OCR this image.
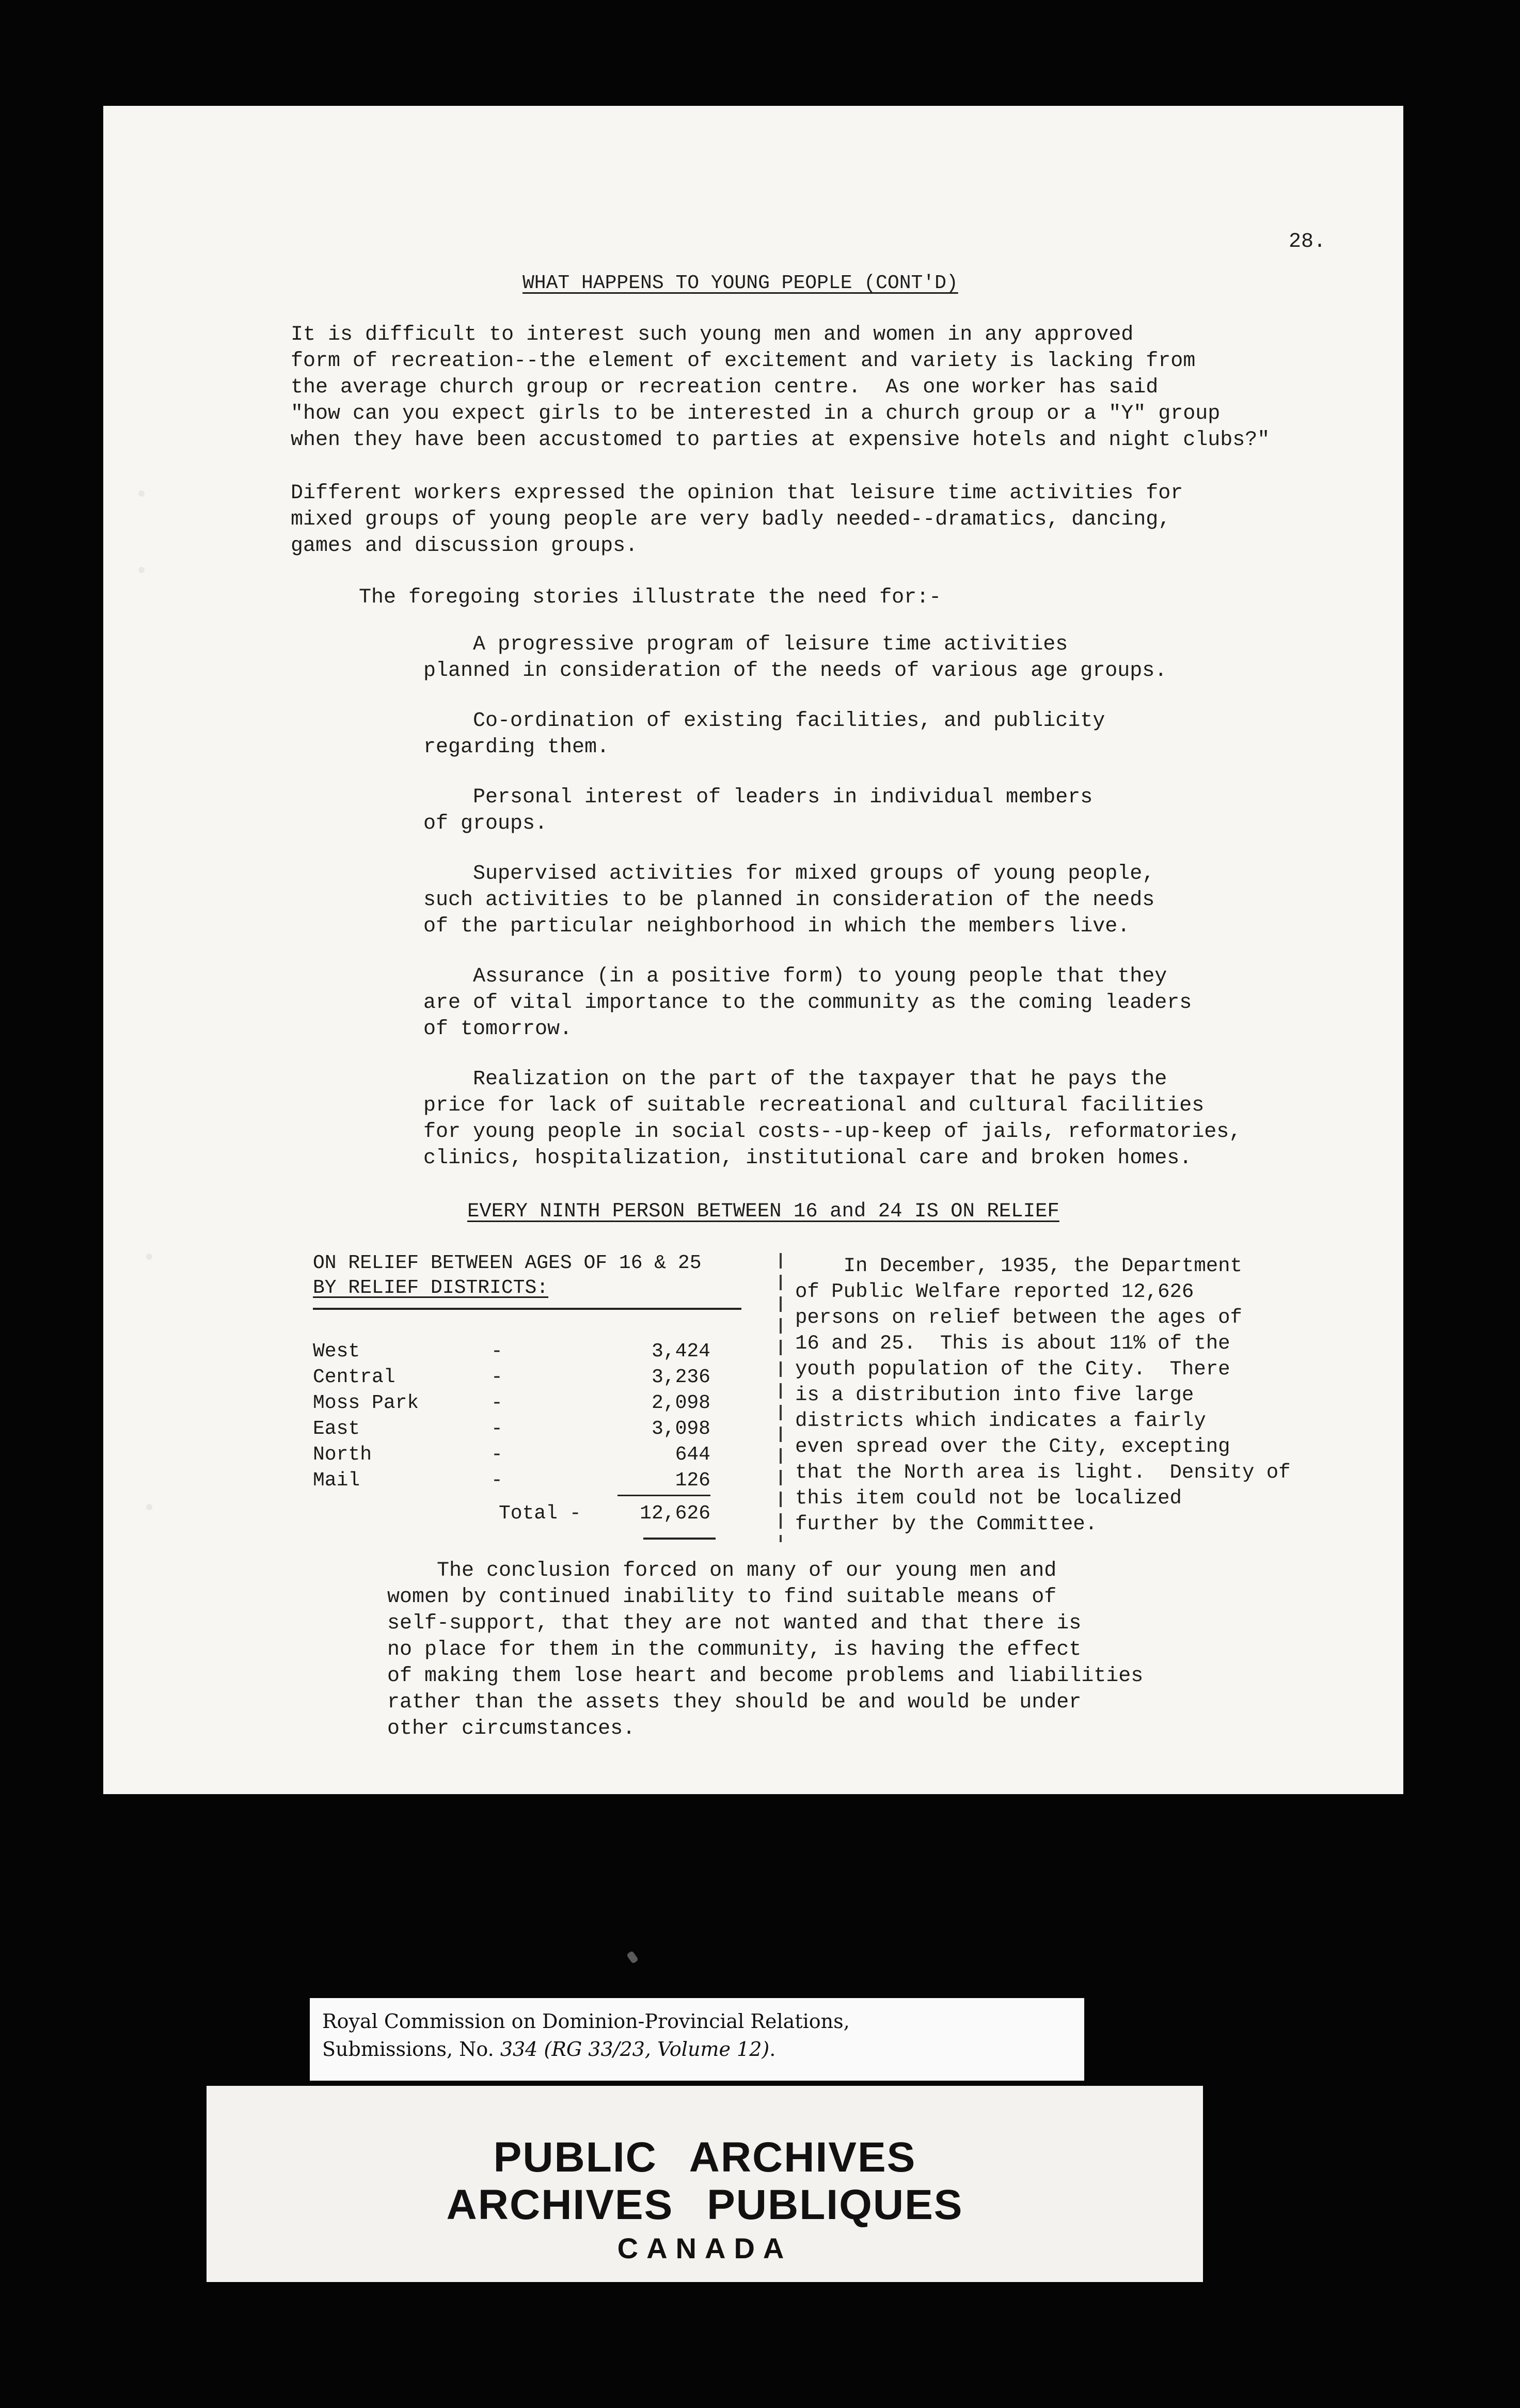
28.
WHAT HAPPENS TO YOUNG PEOPLE (CONT'D)
It is difficult to interest such young men and women in any approved
form of recreation--the element of excitement and variety is lacking from
the average church group or recreation centre.  As one worker has said
"how can you expect girls to be interested in a church group or a "Y" group
when they have been accustomed to parties at expensive hotels and night clubs?"
Different workers expressed the opinion that leisure time activities for
mixed groups of young people are very badly needed--dramatics, dancing,
games and discussion groups.
The foregoing stories illustrate the need for:-
A progressive program of leisure time activities
planned in consideration of the needs of various age groups.
Co-ordination of existing facilities, and publicity
regarding them.
Personal interest of leaders in individual members
of groups.
Supervised activities for mixed groups of young people,
such activities to be planned in consideration of the needs
of the particular neighborhood in which the members live.
Assurance (in a positive form) to young people that they
are of vital importance to the community as the coming leaders
of tomorrow.
Realization on the part of the taxpayer that he pays the
price for lack of suitable recreational and cultural facilities
for young people in social costs--up-keep of jails, reformatories,
clinics, hospitalization, institutional care and broken homes.
EVERY NINTH PERSON BETWEEN 16 and 24 IS ON RELIEF
ON RELIEF BETWEEN AGES OF 16 & 25
BY RELIEF DISTRICTS:
West	-	3,424
Central	-	3,236
Moss Park	-	2,098
East	-	3,098
North	-	644
Mail	-	126
Total -	12,626
In December, 1935, the Department
of Public Welfare reported 12,626
persons on relief between the ages of
16 and 25.  This is about 11% of the
youth population of the City.  There
is a distribution into five large
districts which indicates a fairly
even spread over the City, excepting
that the North area is light.  Density of
this item could not be localized
further by the Committee.
The conclusion forced on many of our young men and
women by continued inability to find suitable means of
self-support, that they are not wanted and that there is
no place for them in the community, is having the effect
of making them lose heart and become problems and liabilities
rather than the assets they should be and would be under
other circumstances.
Royal Commission on Dominion-Provincial Relations,
Submissions, No. 334 (RG 33/23, Volume 12).
PUBLIC ARCHIVES
ARCHIVES PUBLIQUES
CANADA
